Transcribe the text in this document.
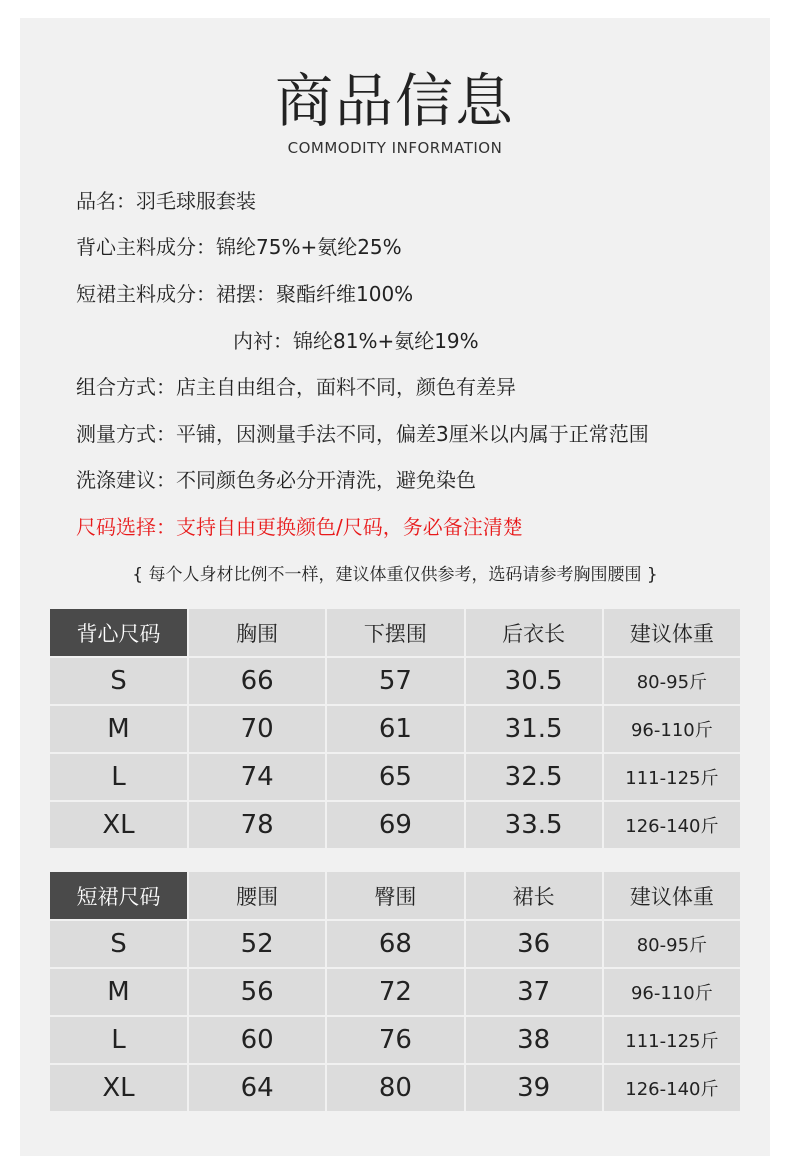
商品信息
COMMODITY INFORMATION
品名：羽毛球服套装
背心主料成分：锦纶75%+氨纶25%
短裙主料成分：裙摆：聚酯纤维100%
内衬：锦纶81%+氨纶19%
组合方式：店主自由组合，面料不同，颜色有差异
测量方式：平铺，因测量手法不同，偏差3厘米以内属于正常范围
洗涤建议：不同颜色务必分开清洗，避免染色
尺码选择：支持自由更换颜色/尺码，务必备注清楚
{ 每个人身材比例不一样，建议体重仅供参考，选码请参考胸围腰围 }
背心尺码	胸围	下摆围	后衣长	建议体重
S	66	57	30.5	80-95斤
M	70	61	31.5	96-110斤
L	74	65	32.5	111-125斤
XL	78	69	33.5	126-140斤
短裙尺码	腰围	臀围	裙长	建议体重
S	52	68	36	80-95斤
M	56	72	37	96-110斤
L	60	76	38	111-125斤
XL	64	80	39	126-140斤
